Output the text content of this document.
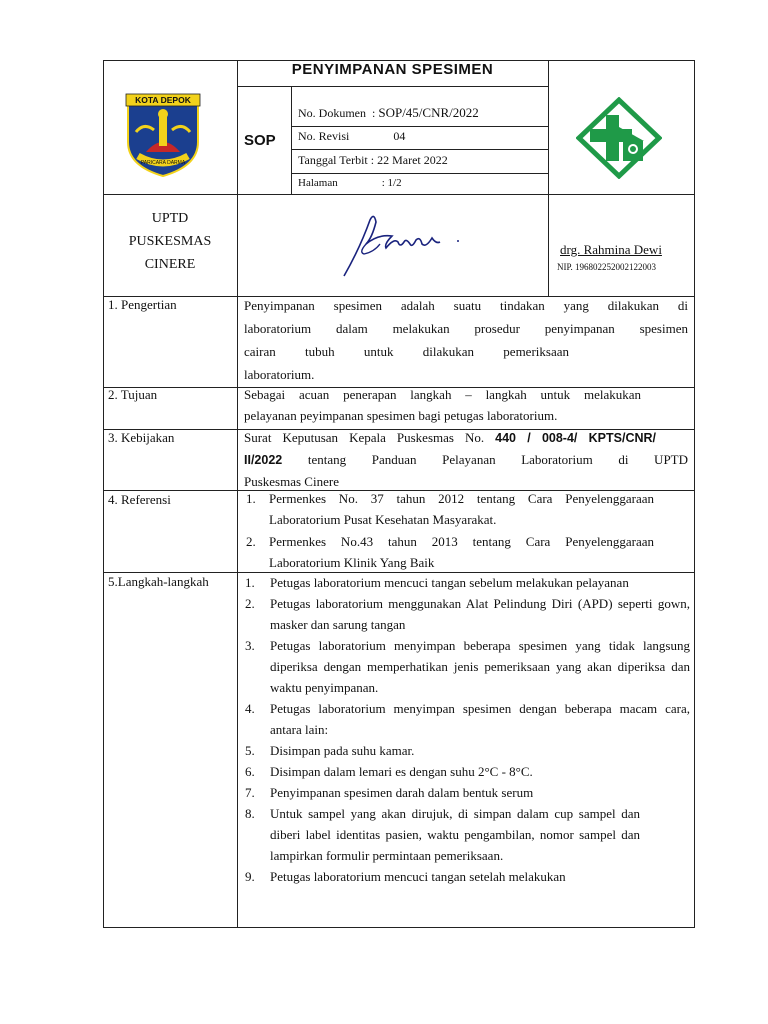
KOTA DEPOK
PARICARA DARMA
PENYIMPANAN SPESIMEN
SOP
No. Dokumen : SOP/45/CNR/2022
No. Revisi	04
Tanggal Terbit : 22 Maret 2022
Halaman	: 1/2
UPTD
PUSKESMAS
CINERE
drg. Rahmina Dewi
NIP. 196802252002122003
1. Pengertian	Penyimpanan spesimen adalah suatu tindakan yang dilakukan di
laboratorium dalam melakukan prosedur penyimpanan spesimen
cairan tubuh untuk dilakukan pemeriksaan
laboratorium.
2. Tujuan	Sebagai acuan penerapan langkah – langkah untuk melakukan
pelayanan peyimpanan spesimen bagi petugas laboratorium.
3. Kebijakan	Surat Keputusan Kepala Puskesmas No. 440 / 008-4/ KPTS/CNR/
II/2022 tentang Panduan Pelayanan Laboratorium di UPTD
Puskesmas Cinere
4. Referensi	1. Permenkes No. 37 tahun 2012 tentang Cara Penyelenggaraan
Laboratorium Pusat Kesehatan Masyarakat.
2. Permenkes No.43 tahun 2013 tentang Cara Penyelenggaraan
Laboratorium Klinik Yang Baik
5.Langkah-langkah	1. Petugas laboratorium mencuci tangan sebelum melakukan pelayanan
2. Petugas laboratorium menggunakan Alat Pelindung Diri (APD) seperti gown, masker dan sarung tangan
3. Petugas laboratorium menyimpan beberapa spesimen yang tidak langsung diperiksa dengan memperhatikan jenis pemeriksaan yang akan diperiksa dan waktu penyimpanan.
4. Petugas laboratorium menyimpan spesimen dengan beberapa macam cara, antara lain:
5. Disimpan pada suhu kamar.
6. Disimpan dalam lemari es dengan suhu 2°C - 8°C.
7. Penyimpanan spesimen darah dalam bentuk serum
8. Untuk sampel yang akan dirujuk, di simpan dalam cup sampel dan diberi label identitas pasien, waktu pengambilan, nomor sampel dan lampirkan formulir permintaan pemeriksaan.
9. Petugas laboratorium mencuci tangan setelah melakukan
